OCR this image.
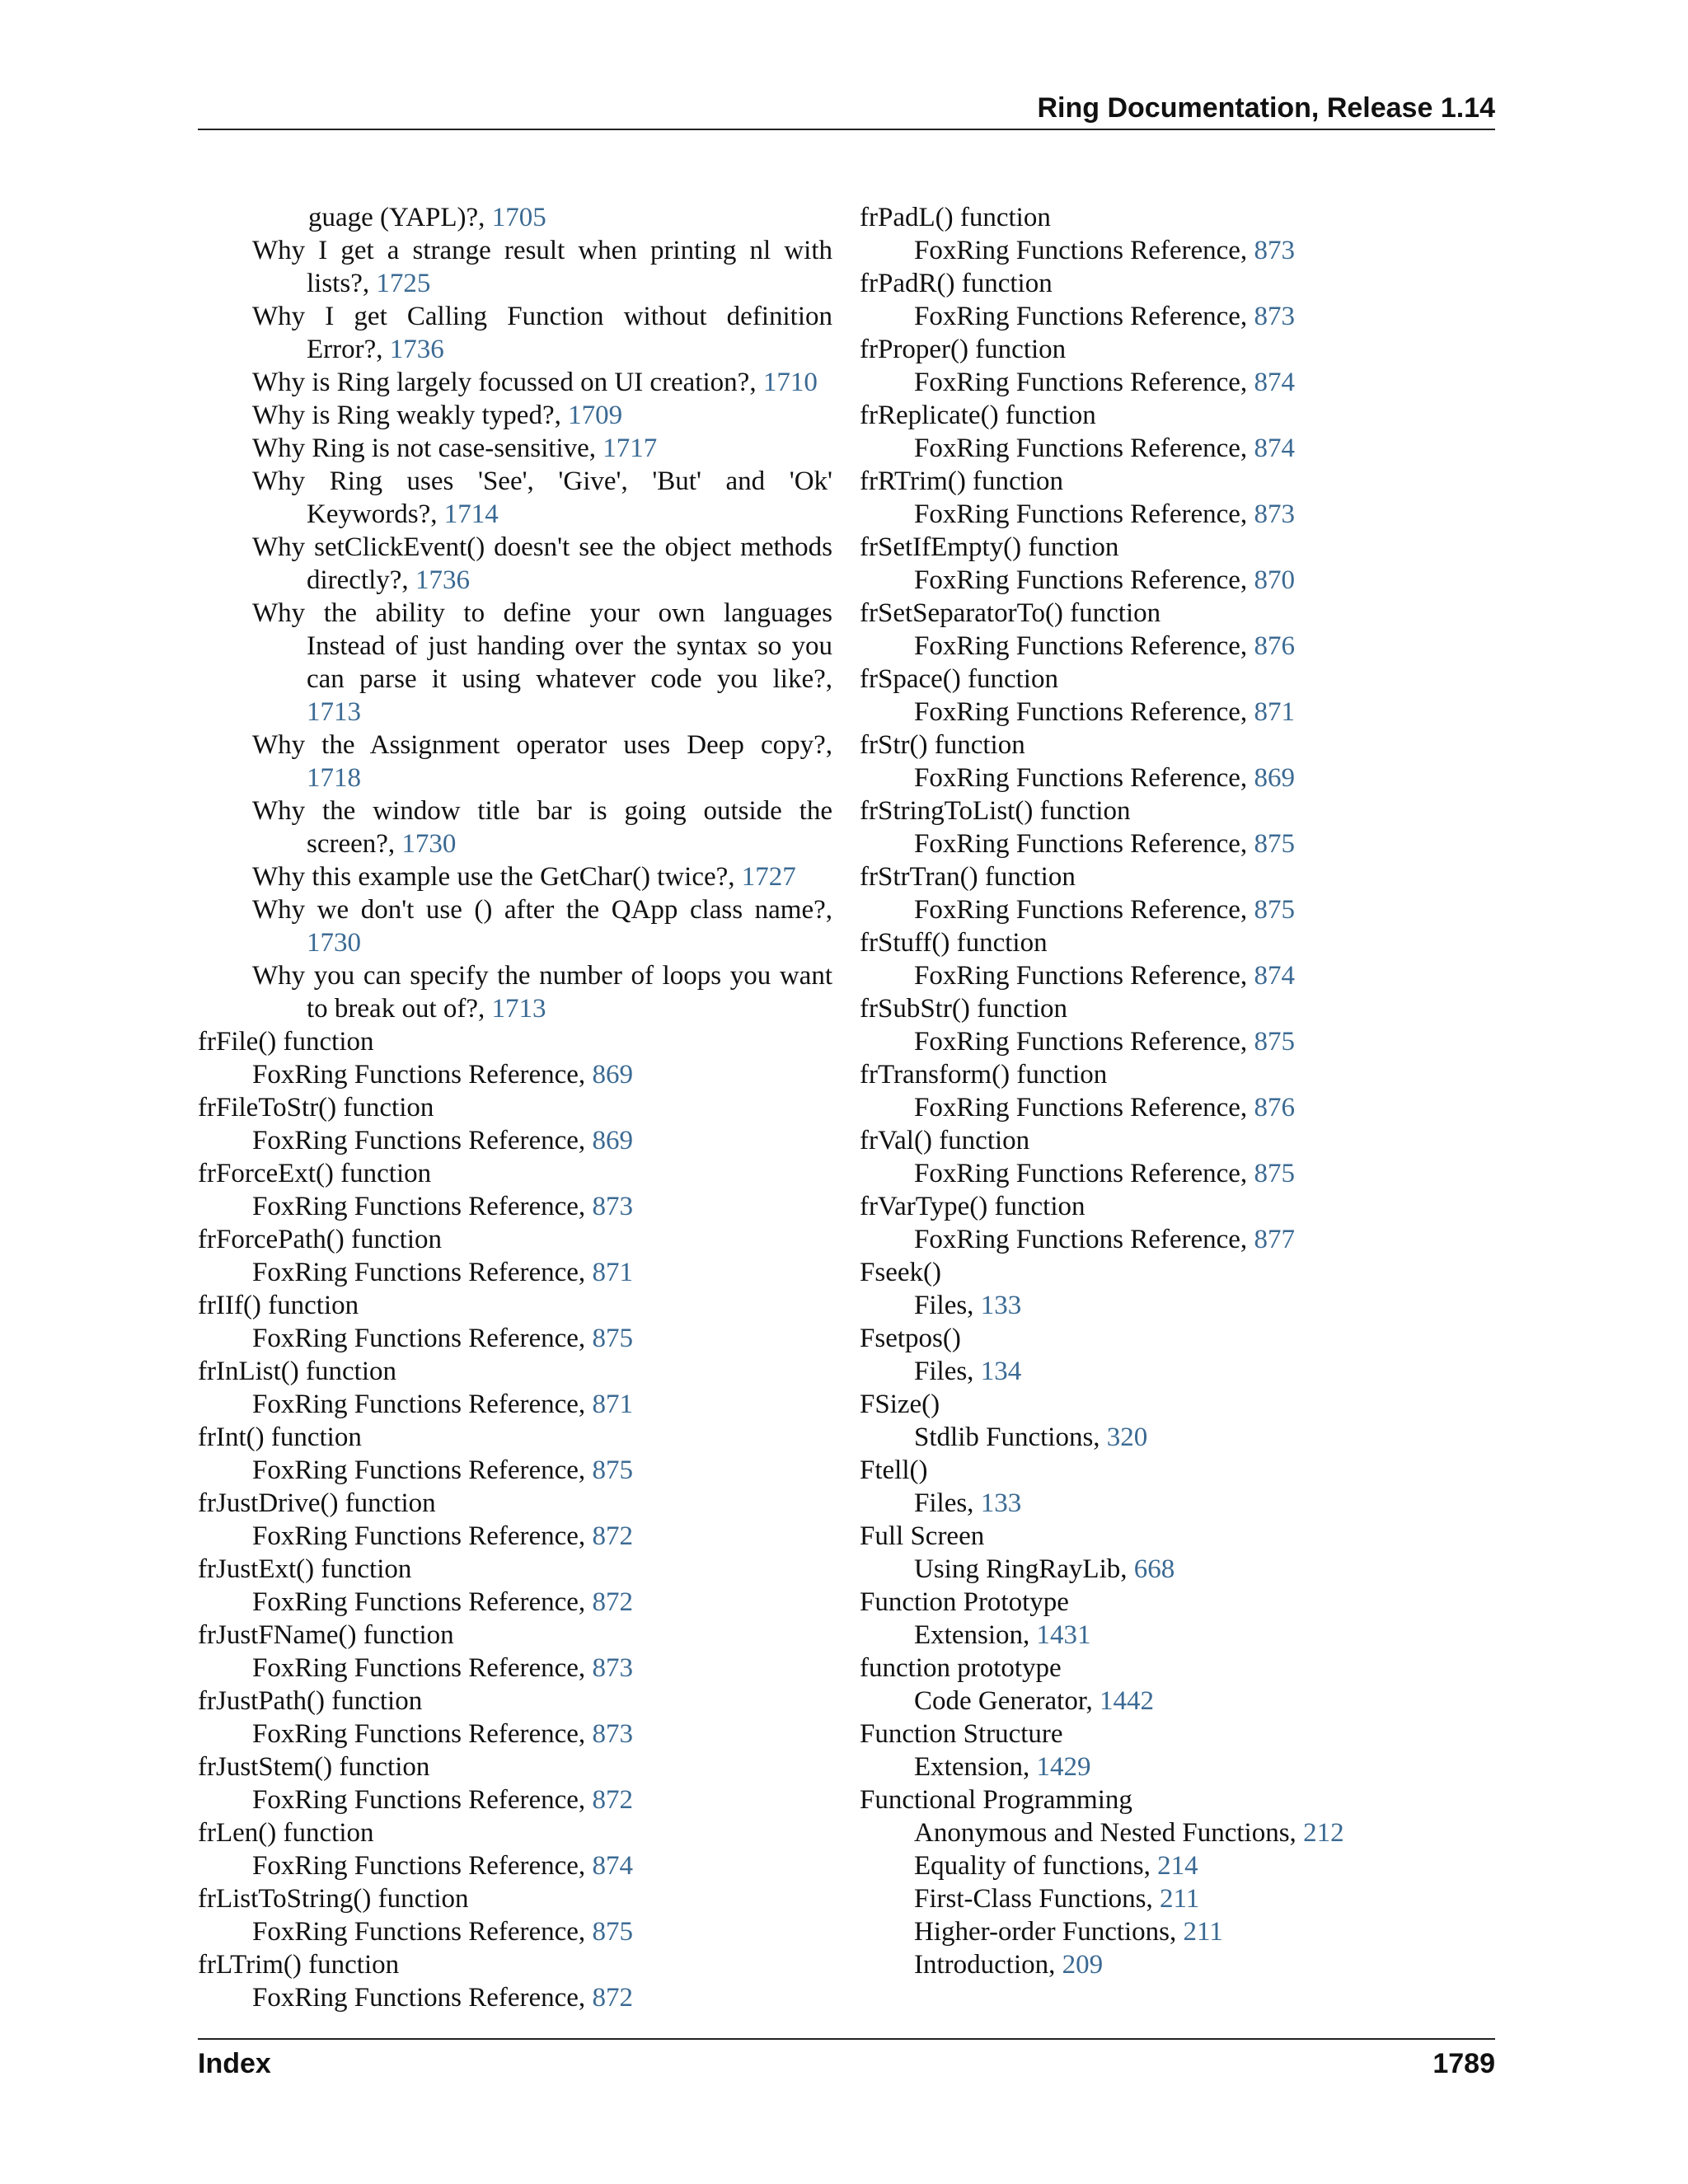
Ring Documentation, Release 1.14

guage (YAPL)?, 1705

Why I get a strange result when printing nl with lists?, 1725

Why I get Calling Function without definition Error?, 1736

Why is Ring largely focussed on UI creation?, 1710

Why is Ring weakly typed?, 1709

Why Ring is not case-sensitive, 1717

Why Ring uses 'See', 'Give', 'But' and 'Ok' Keywords?, 1714

Why setClickEvent() doesn't see the object methods directly?, 1736

Why the ability to define your own languages Instead of just handing over the syntax so you can parse it using whatever code you like?, 1713

Why the Assignment operator uses Deep copy?, 1718

Why the window title bar is going outside the screen?, 1730

Why this example use the GetChar() twice?, 1727

Why we don't use () after the QApp class name?, 1730

Why you can specify the number of loops you want to break out of?, 1713

frFile() function

FoxRing Functions Reference, 869

frFileToStr() function

FoxRing Functions Reference, 869

frForceExt() function

FoxRing Functions Reference, 873

frForcePath() function

FoxRing Functions Reference, 871

frIIf() function

FoxRing Functions Reference, 875

frInList() function

FoxRing Functions Reference, 871

frInt() function

FoxRing Functions Reference, 875

frJustDrive() function

FoxRing Functions Reference, 872

frJustExt() function

FoxRing Functions Reference, 872

frJustFName() function

FoxRing Functions Reference, 873

frJustPath() function

FoxRing Functions Reference, 873

frJustStem() function

FoxRing Functions Reference, 872

frLen() function

FoxRing Functions Reference, 874

frListToString() function

FoxRing Functions Reference, 875

frLTrim() function

FoxRing Functions Reference, 872

frPadL() function

FoxRing Functions Reference, 873

frPadR() function

FoxRing Functions Reference, 873

frProper() function

FoxRing Functions Reference, 874

frReplicate() function

FoxRing Functions Reference, 874

frRTrim() function

FoxRing Functions Reference, 873

frSetIfEmpty() function

FoxRing Functions Reference, 870

frSetSeparatorTo() function

FoxRing Functions Reference, 876

frSpace() function

FoxRing Functions Reference, 871

frStr() function

FoxRing Functions Reference, 869

frStringToList() function

FoxRing Functions Reference, 875

frStrTran() function

FoxRing Functions Reference, 875

frStuff() function

FoxRing Functions Reference, 874

frSubStr() function

FoxRing Functions Reference, 875

frTransform() function

FoxRing Functions Reference, 876

frVal() function

FoxRing Functions Reference, 875

frVarType() function

FoxRing Functions Reference, 877

Fseek()

Files, 133

Fsetpos()

Files, 134

FSize()

Stdlib Functions, 320

Ftell()

Files, 133

Full Screen

Using RingRayLib, 668

Function Prototype

Extension, 1431

function prototype

Code Generator, 1442

Function Structure

Extension, 1429

Functional Programming

Anonymous and Nested Functions, 212

Equality of functions, 214

First-Class Functions, 211

Higher-order Functions, 211

Introduction, 209

Index	1789
